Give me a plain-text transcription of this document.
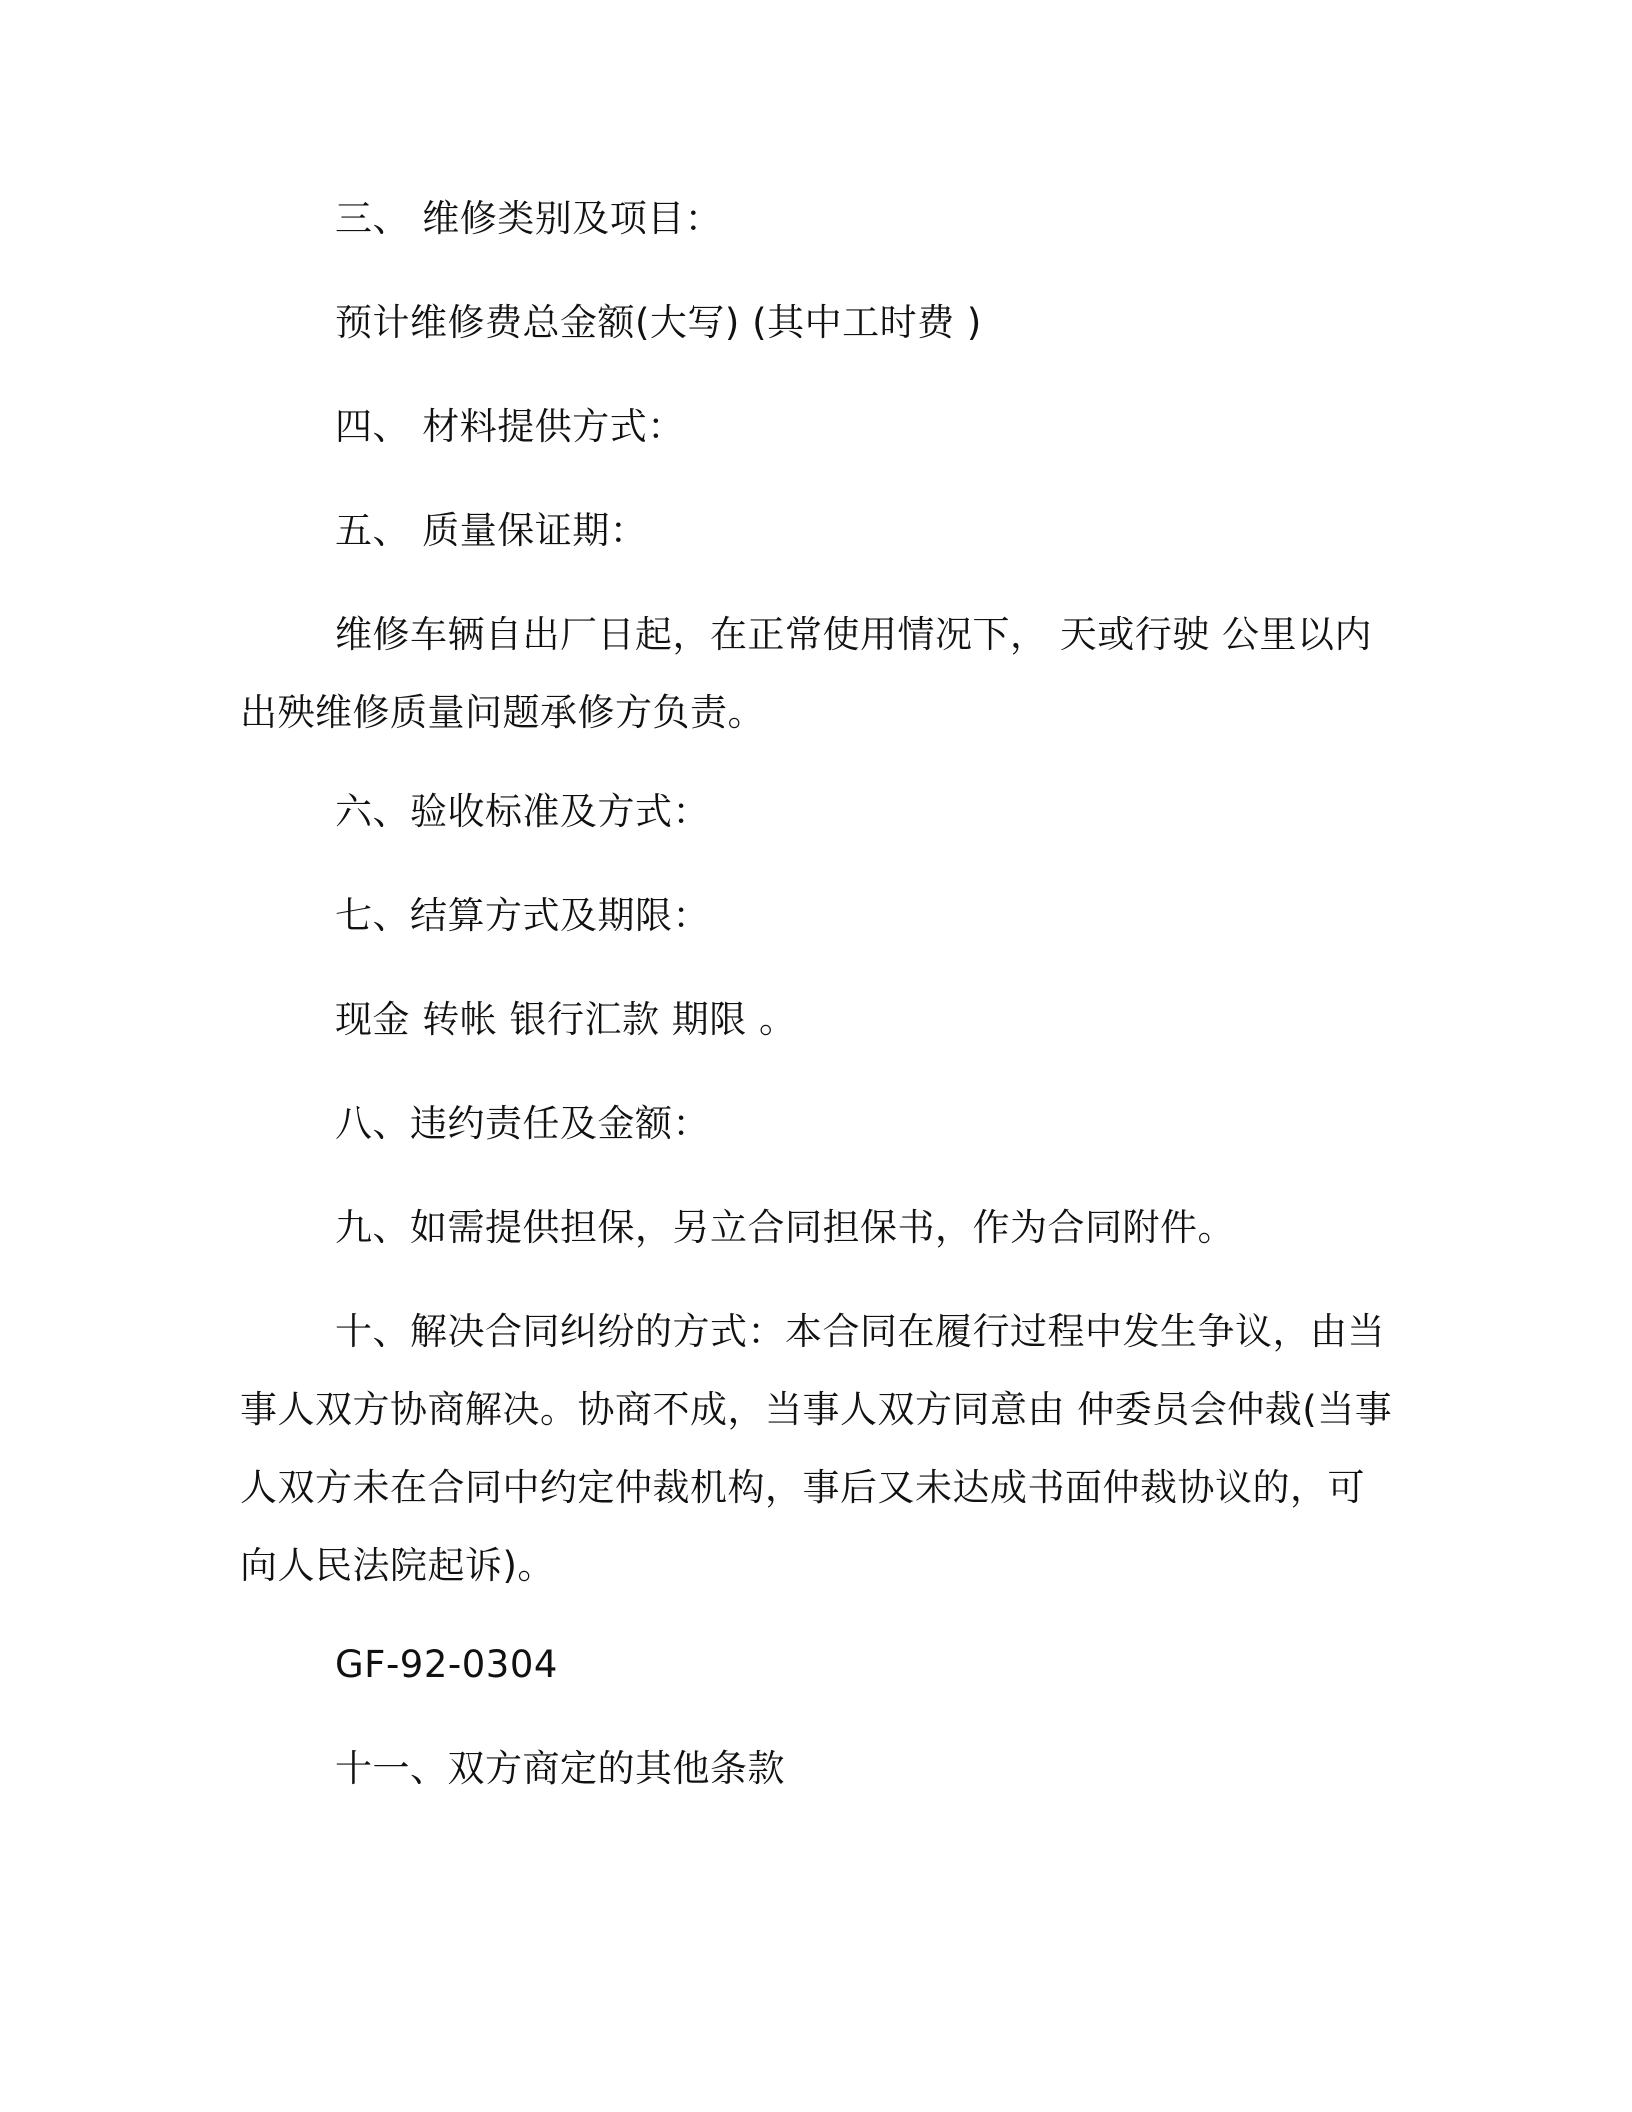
三、 维修类别及项目：
预计维修费总金额(大写) (其中工时费 )
四、 材料提供方式：
五、 质量保证期：
维修车辆自出厂日起，在正常使用情况下， 天或行驶 公里以内
出殃维修质量问题承修方负责。
六、验收标准及方式：
七、结算方式及期限：
现金 转帐 银行汇款 期限 。
八、违约责任及金额：
九、如需提供担保，另立合同担保书，作为合同附件。
十、解决合同纠纷的方式：本合同在履行过程中发生争议，由当
事人双方协商解决。协商不成，当事人双方同意由 仲委员会仲裁(当事
人双方未在合同中约定仲裁机构，事后又未达成书面仲裁协议的，可
向人民法院起诉)。
GF-92-0304
十一、双方商定的其他条款
